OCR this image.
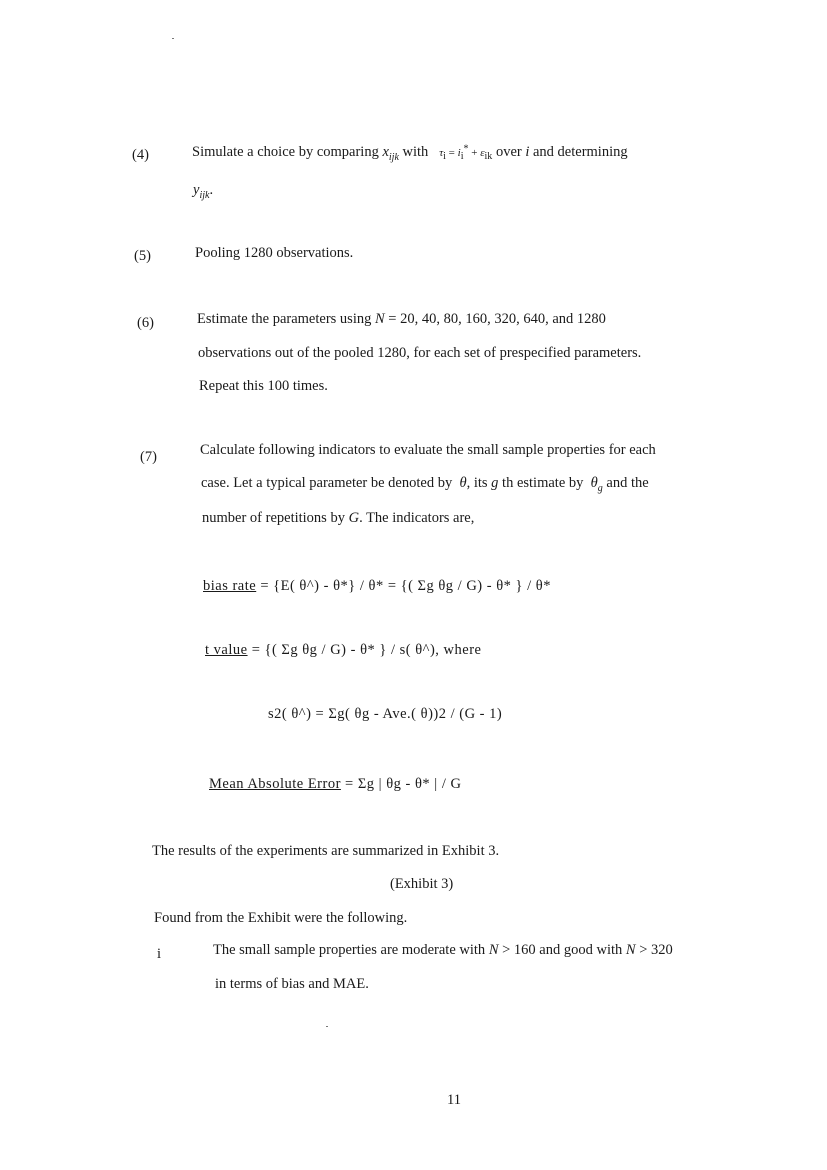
(4)	Simulate a choice by comparing $x_{ijk}$ with $\tau_i = i_i^* + \varepsilon_{ik}$ over i and determining
$y_{ijk}$.
(5)	Pooling 1280 observations.
(6)	Estimate the parameters using N = 20, 40, 80, 160, 320, 640, and 1280
observations out of the pooled 1280, for each set of prespecified parameters.
Repeat this 100 times.
(7)	Calculate following indicators to evaluate the small sample properties for each
case. Let a typical parameter be denoted by  θ, its g th estimate by  $\theta_g$ and the
number of repetitions by G. The indicators are,
bias rate = {E( θ^) - θ*} / θ* = {( Σg θg / G) - θ* } / θ*
t value = {( Σg θg / G) - θ* } / s( θ^), where
s2( θ^) = Σg( θg - Ave.( θ))2 / (G - 1)
Mean Absolute Error = Σg | θg - θ* | / G
The results of the experiments are summarized in Exhibit 3.
(Exhibit 3)
Found from the Exhibit were the following.
i	The small sample properties are moderate with N > 160 and good with N > 320
in terms of bias and MAE.
11
